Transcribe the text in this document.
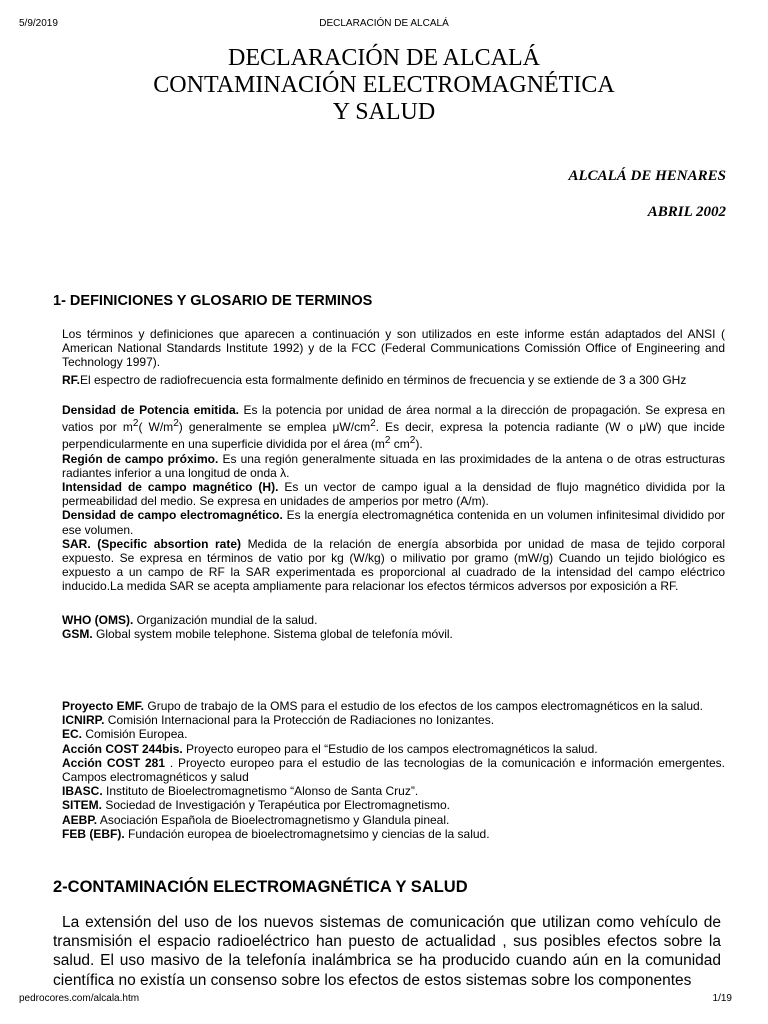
5/9/2019	DECLARACIÓN DE ALCALÁ
DECLARACIÓN DE ALCALÁ
CONTAMINACIÓN ELECTROMAGNÉTICA
Y SALUD
ALCALÁ DE HENARES
ABRIL 2002
1- DEFINICIONES Y GLOSARIO DE TERMINOS

Los términos y definiciones que aparecen a continuación y son utilizados en este informe están adaptados del ANSI ( American National Standards Institute 1992) y de la FCC (Federal Communications Comissión Office of Engineering and Technology 1997).

RF.El espectro de radiofrecuencia esta formalmente definido en términos de frecuencia y se extiende de 3 a 300 GHz

Densidad de Potencia emitida. Es la potencia por unidad de área normal a la dirección de propagación. Se expresa en vatios por $m^2$( $W/m^2$) generalmente se emplea $\mu W/cm^2$. Es decir, expresa la potencia radiante (W o μW) que incide perpendicularmente en una superficie dividida por el área ($m^2$ $cm^2$).

Región de campo próximo. Es una región generalmente situada en las proximidades de la antena o de otras estructuras radiantes inferior a una longitud de onda λ.

Intensidad de campo magnético (H). Es un vector de campo igual a la densidad de flujo magnético dividida por la permeabilidad del medio. Se expresa en unidades de amperios por metro (A/m).

Densidad de campo electromagnético. Es la energía electromagnética contenida en un volumen infinitesimal dividido por ese volumen.

SAR. (Specific absortion rate) Medida de la relación de energía absorbida por unidad de masa de tejido corporal expuesto. Se expresa en términos de vatio por kg (W/kg) o milivatio por gramo (mW/g) Cuando un tejido biológico es expuesto a un campo de RF la SAR experimentada es proporcional al cuadrado de la intensidad del campo eléctrico inducido.La medida SAR se acepta ampliamente para relacionar los efectos térmicos adversos por exposición a RF.

WHO (OMS). Organización mundial de la salud.

GSM. Global system mobile telephone. Sistema global de telefonía móvil.

Proyecto EMF. Grupo de trabajo de la OMS para el estudio de los efectos de los campos electromagnéticos en la salud.

ICNIRP. Comisión Internacional para la Protección de Radiaciones no Ionizantes.

EC. Comisión Europea.

Acción COST 244bis. Proyecto europeo para el “Estudio de los campos electromagnéticos la salud.

Acción COST 281 . Proyecto europeo para el estudio de las tecnologias de la comunicación e información emergentes. Campos electromagnéticos y salud

IBASC. Instituto de Bioelectromagnetismo “Alonso de Santa Cruz”.

SITEM. Sociedad de Investigación y Terapéutica por Electromagnetismo.

AEBP. Asociación Española de Bioelectromagnetismo y Glandula pineal.

FEB (EBF). Fundación europea de bioelectromagnetsimo y ciencias de la salud.

2-CONTAMINACIÓN ELECTROMAGNÉTICA Y SALUD

La extensión del uso de los nuevos sistemas de comunicación que utilizan como vehículo de transmisión el espacio radioeléctrico han puesto de actualidad , sus posibles efectos sobre la salud. El uso masivo de la telefonía inalámbrica se ha producido cuando aún en la comunidad científica no existía un consenso sobre los efectos de estos sistemas sobre los componentes

pedrocores.com/alcala.htm	1/19
